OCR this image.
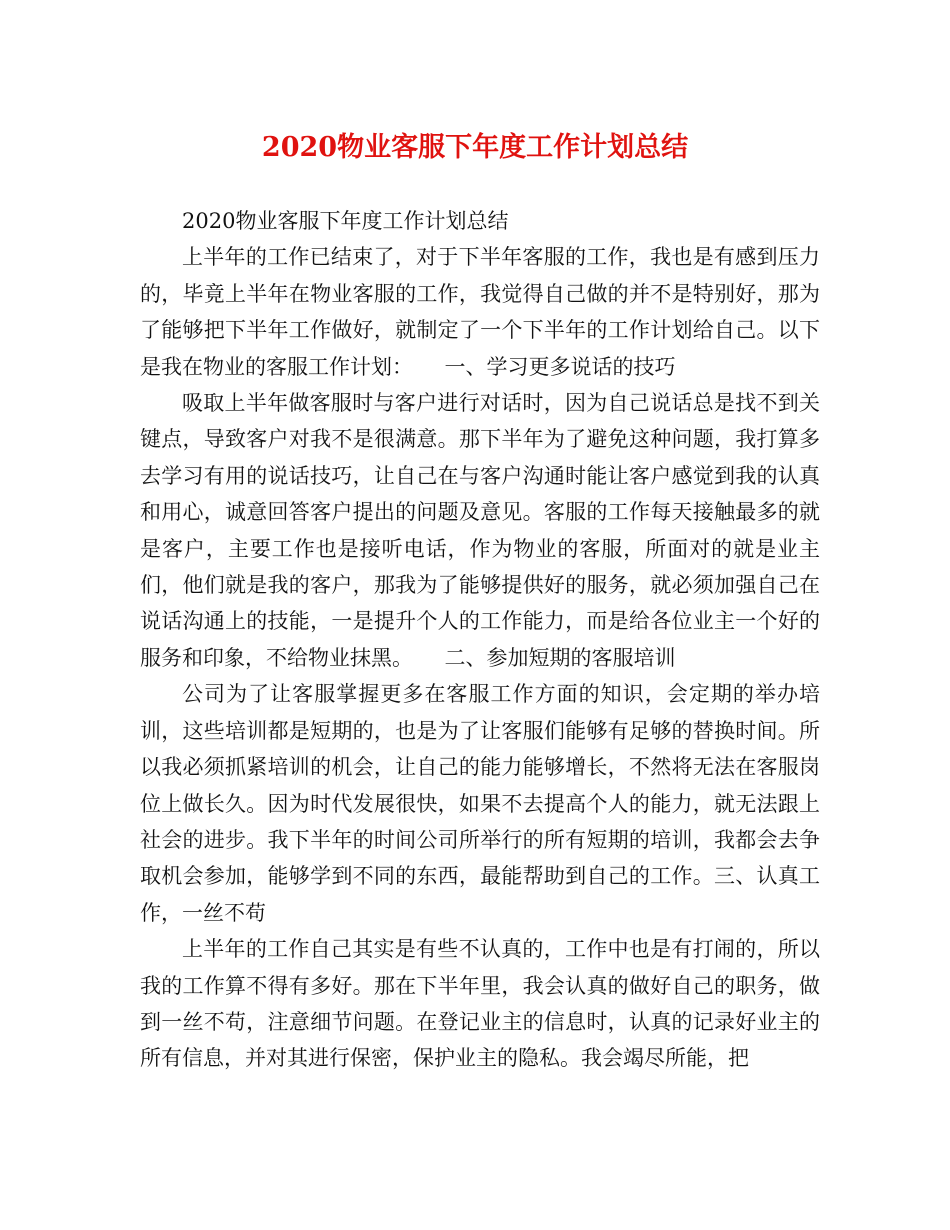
2020物业客服下年度工作计划总结

2020物业客服下年度工作计划总结

上半年的工作已结束了，对于下半年客服的工作，我也是有感到压力的，毕竟上半年在物业客服的工作，我觉得自己做的并不是特别好，那为了能够把下半年工作做好，就制定了一个下半年的工作计划给自己。以下是我在物业的客服工作计划：　　一、学习更多说话的技巧

吸取上半年做客服时与客户进行对话时，因为自己说话总是找不到关键点，导致客户对我不是很满意。那下半年为了避免这种问题，我打算多去学习有用的说话技巧，让自己在与客户沟通时能让客户感觉到我的认真和用心，诚意回答客户提出的问题及意见。客服的工作每天接触最多的就是客户，主要工作也是接听电话，作为物业的客服，所面对的就是业主们，他们就是我的客户，那我为了能够提供好的服务，就必须加强自己在说话沟通上的技能，一是提升个人的工作能力，而是给各位业主一个好的服务和印象，不给物业抹黑。　　二、参加短期的客服培训

公司为了让客服掌握更多在客服工作方面的知识，会定期的举办培训，这些培训都是短期的，也是为了让客服们能够有足够的替换时间。所以我必须抓紧培训的机会，让自己的能力能够增长，不然将无法在客服岗位上做长久。因为时代发展很快，如果不去提高个人的能力，就无法跟上社会的进步。我下半年的时间公司所举行的所有短期的培训，我都会去争取机会参加，能够学到不同的东西，最能帮助到自己的工作。三、认真工作，一丝不苟

上半年的工作自己其实是有些不认真的，工作中也是有打闹的，所以我的工作算不得有多好。那在下半年里，我会认真的做好自己的职务，做到一丝不苟，注意细节问题。在登记业主的信息时，认真的记录好业主的所有信息，并对其进行保密，保护业主的隐私。我会竭尽所能，把
